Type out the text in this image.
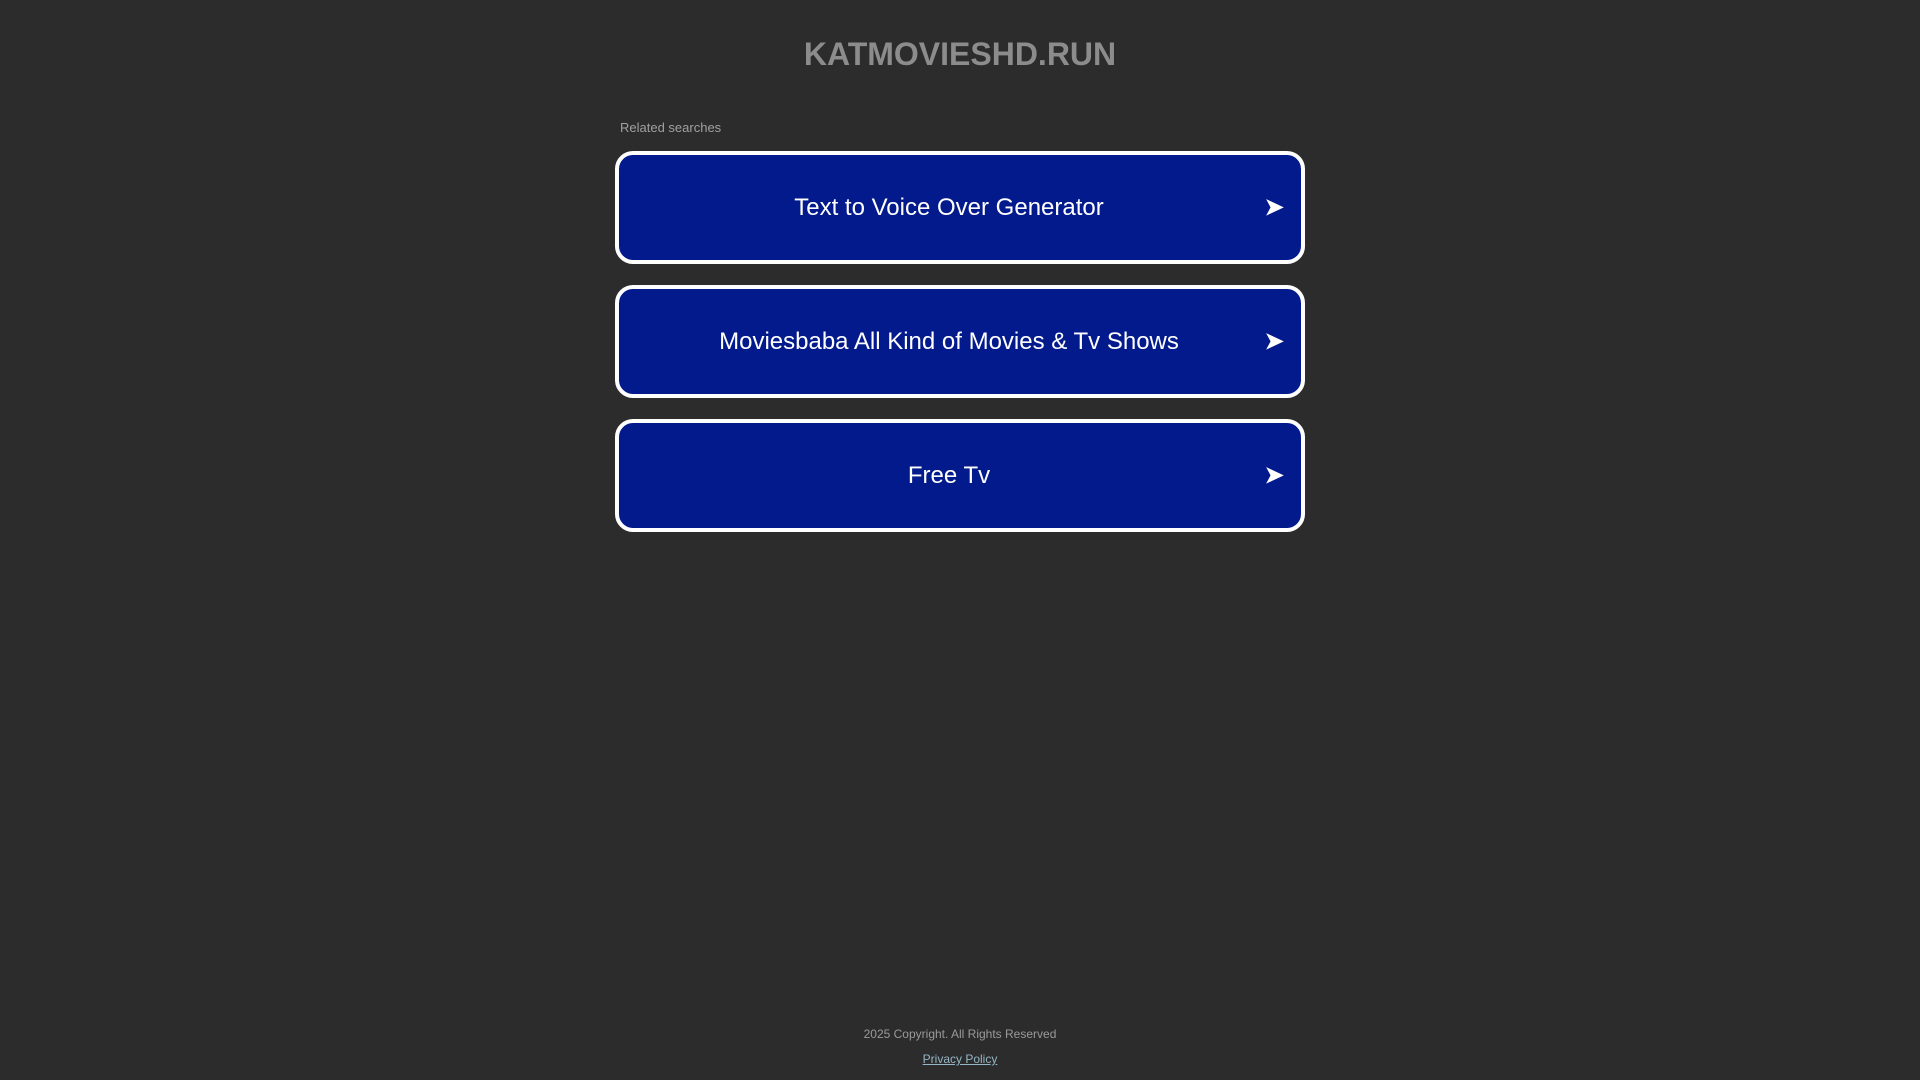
KATMOVIESHD.RUN

Related searches

Text to Voice Over Generator	➤
Moviesbaba All Kind of Movies & Tv Shows	➤
Free Tv	➤

2025 Copyright. All Rights Reserved

Privacy Policy
